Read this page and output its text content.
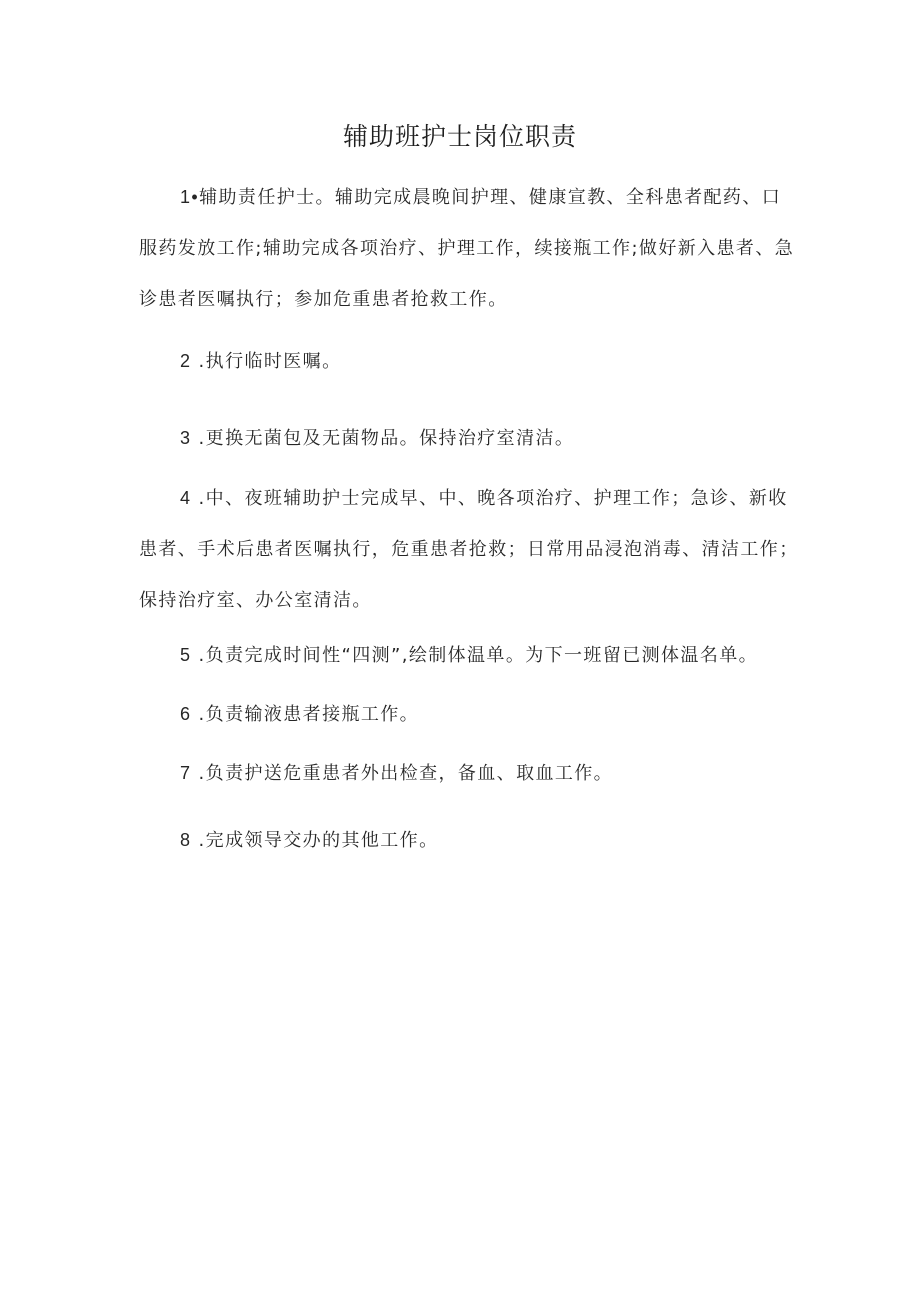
辅助班护士岗位职责
1•辅助责任护士。辅助完成晨晚间护理、健康宣教、全科患者配药、口服药发放工作;辅助完成各项治疗、护理工作，续接瓶工作;做好新入患者、急诊患者医嘱执行；参加危重患者抢救工作。
2 .执行临时医嘱。
3 .更换无菌包及无菌物品。保持治疗室清洁。
4 .中、夜班辅助护士完成早、中、晚各项治疗、护理工作；急诊、新收患者、手术后患者医嘱执行，危重患者抢救；日常用品浸泡消毒、清洁工作；保持治疗室、办公室清洁。
5 .负责完成时间性“四测”,绘制体温单。为下一班留已测体温名单。
6 .负责输液患者接瓶工作。
7 .负责护送危重患者外出检查，备血、取血工作。
8 .完成领导交办的其他工作。
